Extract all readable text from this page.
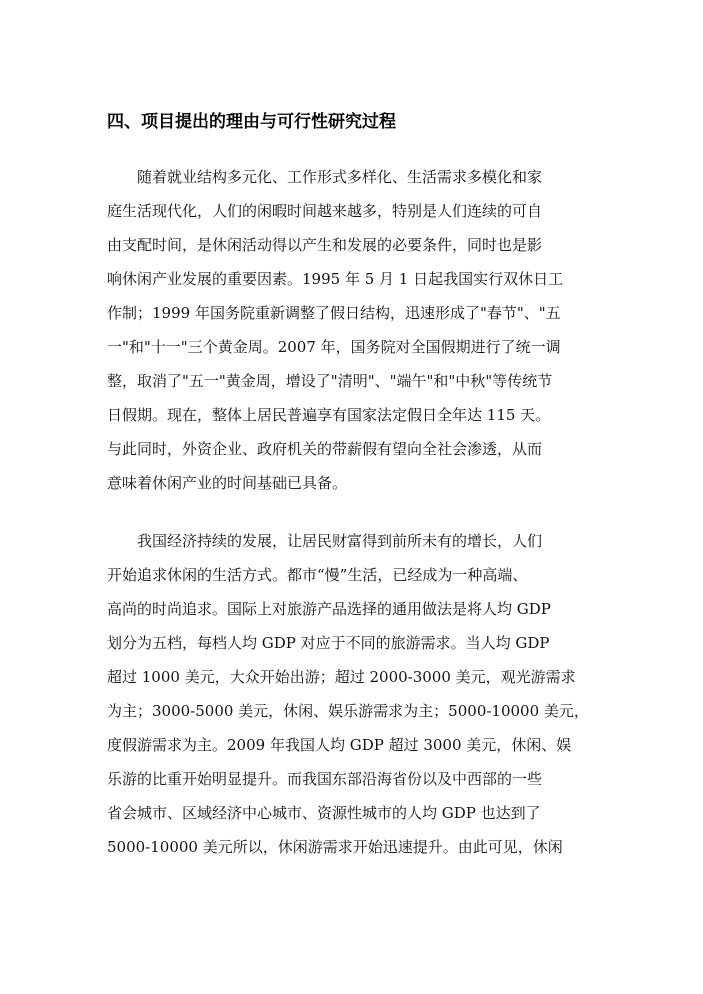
四、项目提出的理由与可行性研究过程

随着就业结构多元化、工作形式多样化、生活需求多模化和家

庭生活现代化，人们的闲暇时间越来越多，特别是人们连续的可自

由支配时间，是休闲活动得以产生和发展的必要条件，同时也是影

响休闲产业发展的重要因素。1995 年 5 月 1 日起我国实行双休日工

作制；1999 年国务院重新调整了假日结构，迅速形成了"春节"、"五

一"和"十一"三个黄金周。2007 年，国务院对全国假期进行了统一调

整，取消了"五一"黄金周，增设了"清明"、"端午"和"中秋"等传统节

日假期。现在，整体上居民普遍享有国家法定假日全年达 115 天。

与此同时，外资企业、政府机关的带薪假有望向全社会渗透，从而

意味着休闲产业的时间基础已具备。

我国经济持续的发展，让居民财富得到前所未有的增长，人们

开始追求休闲的生活方式。都市“慢”生活，已经成为一种高端、

高尚的时尚追求。国际上对旅游产品选择的通用做法是将人均 GDP

划分为五档，每档人均 GDP 对应于不同的旅游需求。当人均 GDP

超过 1000 美元，大众开始出游；超过 2000-3000 美元，观光游需求

为主；3000-5000 美元，休闲、娱乐游需求为主；5000-10000 美元，

度假游需求为主。2009 年我国人均 GDP 超过 3000 美元，休闲、娱

乐游的比重开始明显提升。而我国东部沿海省份以及中西部的一些

省会城市、区域经济中心城市、资源性城市的人均 GDP 也达到了

5000-10000 美元所以，休闲游需求开始迅速提升。由此可见，休闲
